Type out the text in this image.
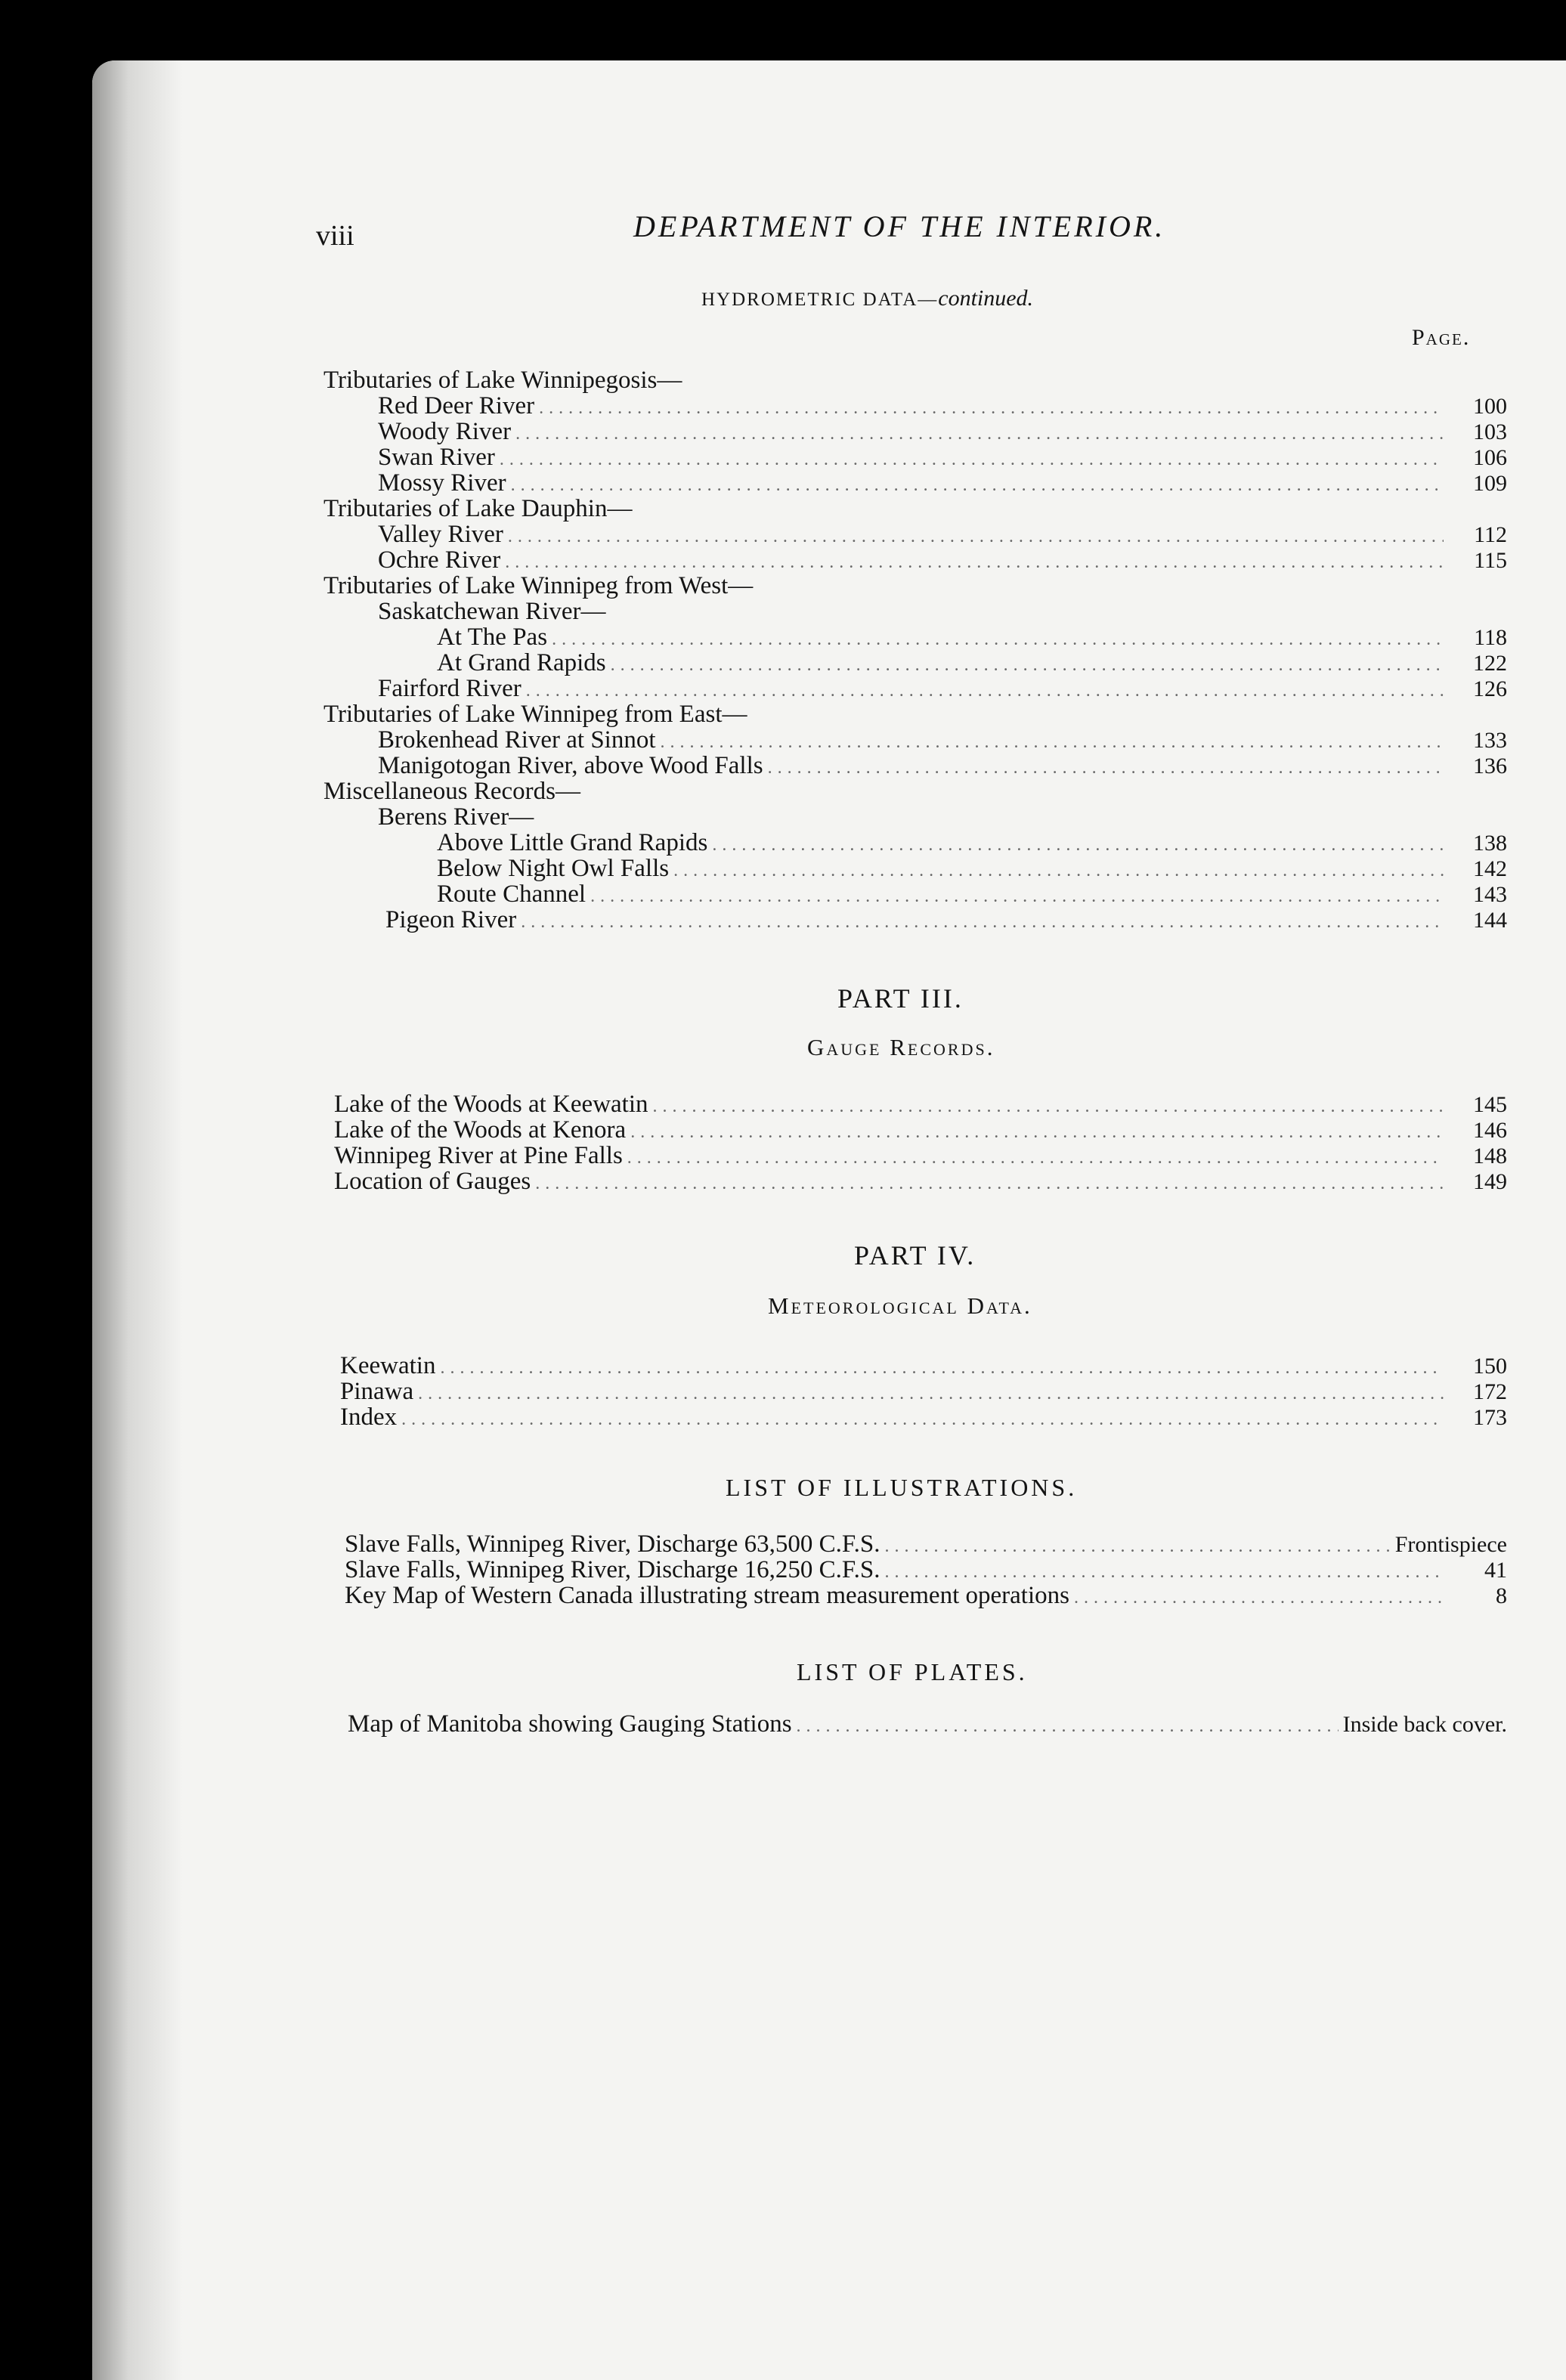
viii	DEPARTMENT OF THE INTERIOR.
HYDROMETRIC DATA—continued.
Page.
Tributaries of Lake Winnipegosis—
Red Deer River .....	100
Woody River .....	103
Swan River .....	106
Mossy River .....	109
Tributaries of Lake Dauphin—
Valley River .....	112
Ochre River .....	115
Tributaries of Lake Winnipeg from West—
Saskatchewan River—
At The Pas .....	118
At Grand Rapids .....	122
Fairford River .....	126
Tributaries of Lake Winnipeg from East—
Brokenhead River at Sinnot .....	133
Manigotogan River, above Wood Falls .....	136
Miscellaneous Records—
Berens River—
Above Little Grand Rapids .....	138
Below Night Owl Falls .....	142
Route Channel .....	143
Pigeon River .....	144
PART III.
Gauge Records.
Lake of the Woods at Keewatin .....	145
Lake of the Woods at Kenora .....	146
Winnipeg River at Pine Falls .....	148
Location of Gauges .....	149
PART IV.
Meteorological Data.
Keewatin .....	150
Pinawa .....	172
Index .....	173
LIST OF ILLUSTRATIONS.
Slave Falls, Winnipeg River, Discharge 63,500 C.F.S. .....	Frontispiece
Slave Falls, Winnipeg River, Discharge 16,250 C.F.S. .....	41
Key Map of Western Canada illustrating stream measurement operations .....	8
LIST OF PLATES.
Map of Manitoba showing Gauging Stations .....	Inside back cover.
